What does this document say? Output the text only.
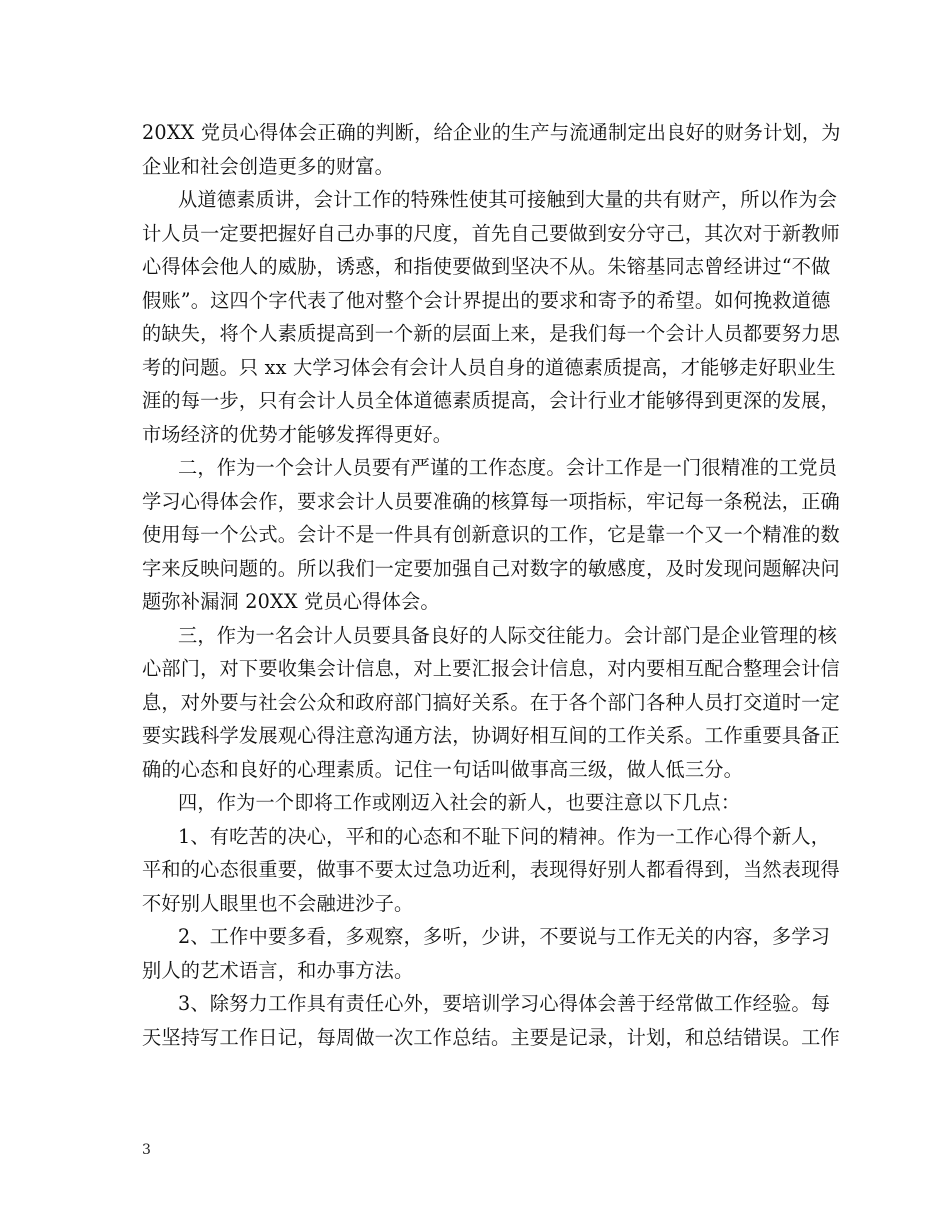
20XX 党员心得体会正确的判断，给企业的生产与流通制定出良好的财务计划，为
企业和社会创造更多的财富。
从道德素质讲，会计工作的特殊性使其可接触到大量的共有财产，所以作为会
计人员一定要把握好自己办事的尺度，首先自己要做到安分守己，其次对于新教师
心得体会他人的威胁，诱惑，和指使要做到坚决不从。朱镕基同志曾经讲过“不做
假账”。这四个字代表了他对整个会计界提出的要求和寄予的希望。如何挽救道德
的缺失，将个人素质提高到一个新的层面上来，是我们每一个会计人员都要努力思
考的问题。只 xx 大学习体会有会计人员自身的道德素质提高，才能够走好职业生
涯的每一步，只有会计人员全体道德素质提高，会计行业才能够得到更深的发展，
市场经济的优势才能够发挥得更好。
二，作为一个会计人员要有严谨的工作态度。会计工作是一门很精准的工党员
学习心得体会作，要求会计人员要准确的核算每一项指标，牢记每一条税法，正确
使用每一个公式。会计不是一件具有创新意识的工作，它是靠一个又一个精准的数
字来反映问题的。所以我们一定要加强自己对数字的敏感度，及时发现问题解决问
题弥补漏洞 20XX 党员心得体会。
三，作为一名会计人员要具备良好的人际交往能力。会计部门是企业管理的核
心部门，对下要收集会计信息，对上要汇报会计信息，对内要相互配合整理会计信
息，对外要与社会公众和政府部门搞好关系。在于各个部门各种人员打交道时一定
要实践科学发展观心得注意沟通方法，协调好相互间的工作关系。工作重要具备正
确的心态和良好的心理素质。记住一句话叫做事高三级，做人低三分。
四，作为一个即将工作或刚迈入社会的新人，也要注意以下几点：
1、有吃苦的决心，平和的心态和不耻下问的精神。作为一工作心得个新人，
平和的心态很重要，做事不要太过急功近利，表现得好别人都看得到，当然表现得
不好别人眼里也不会融进沙子。
2、工作中要多看，多观察，多听，少讲，不要说与工作无关的内容，多学习
别人的艺术语言，和办事方法。
3、除努力工作具有责任心外，要培训学习心得体会善于经常做工作经验。每
天坚持写工作日记，每周做一次工作总结。主要是记录，计划，和总结错误。工作
3
